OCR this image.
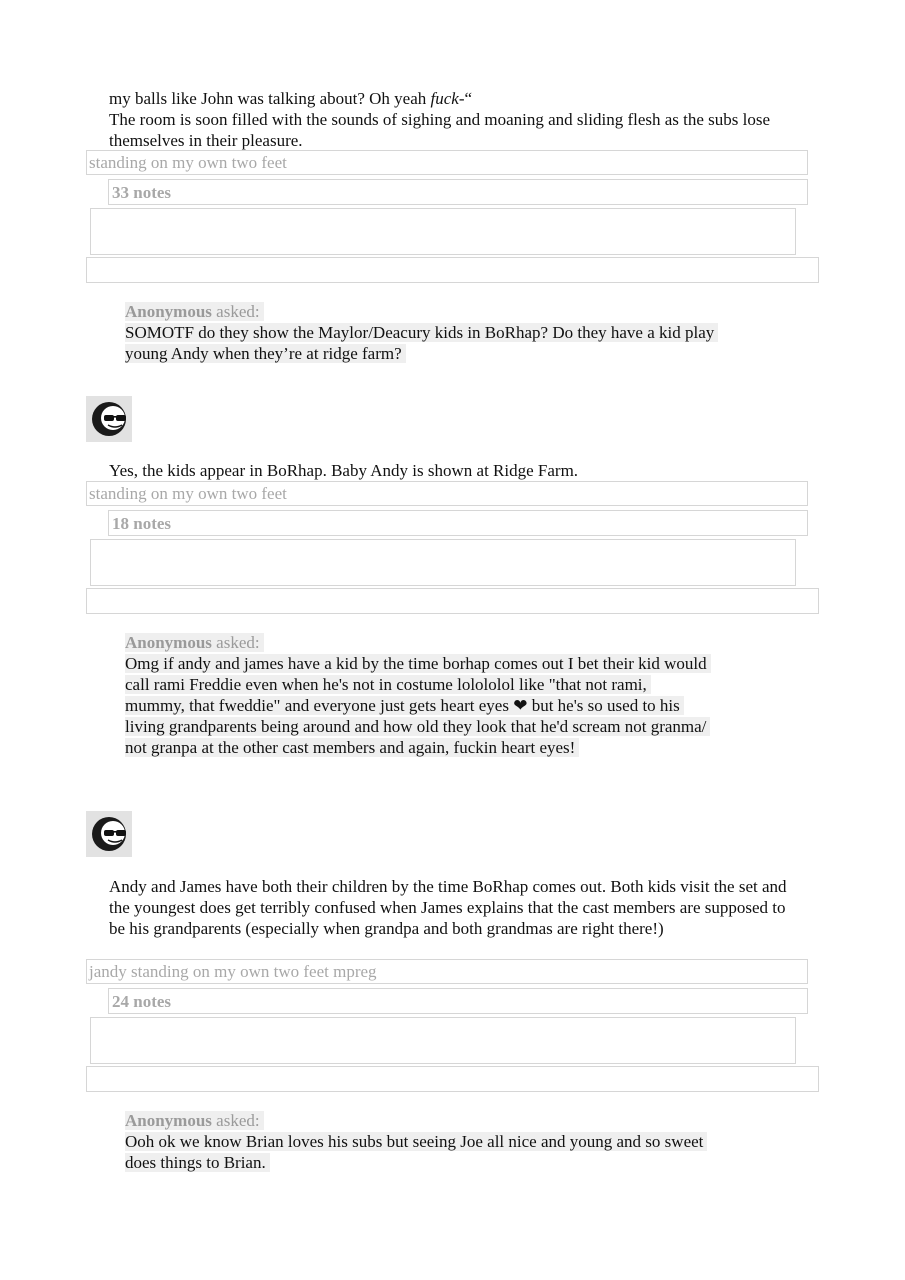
my balls like John was talking about? Oh yeah fuck-“
The room is soon filled with the sounds of sighing and moaning and sliding flesh as the subs lose themselves in their pleasure.
standing on my own two feet
33 notes
Anonymous asked:
SOMOTF do they show the Maylor/Deacury kids in BoRhap? Do they have a kid play young Andy when they’re at ridge farm?
Yes, the kids appear in BoRhap. Baby Andy is shown at Ridge Farm.
standing on my own two feet
18 notes
Anonymous asked:
Omg if andy and james have a kid by the time borhap comes out I bet their kid would call rami Freddie even when he's not in costume lolololol like "that not rami, mummy, that fweddie" and everyone just gets heart eyes ❤ but he's so used to his living grandparents being around and how old they look that he'd scream not granma/ not granpa at the other cast members and again, fuckin heart eyes!
Andy and James have both their children by the time BoRhap comes out. Both kids visit the set and the youngest does get terribly confused when James explains that the cast members are supposed to be his grandparents (especially when grandpa and both grandmas are right there!)
jandy standing on my own two feet mpreg
24 notes
Anonymous asked:
Ooh ok we know Brian loves his subs but seeing Joe all nice and young and so sweet does things to Brian.
